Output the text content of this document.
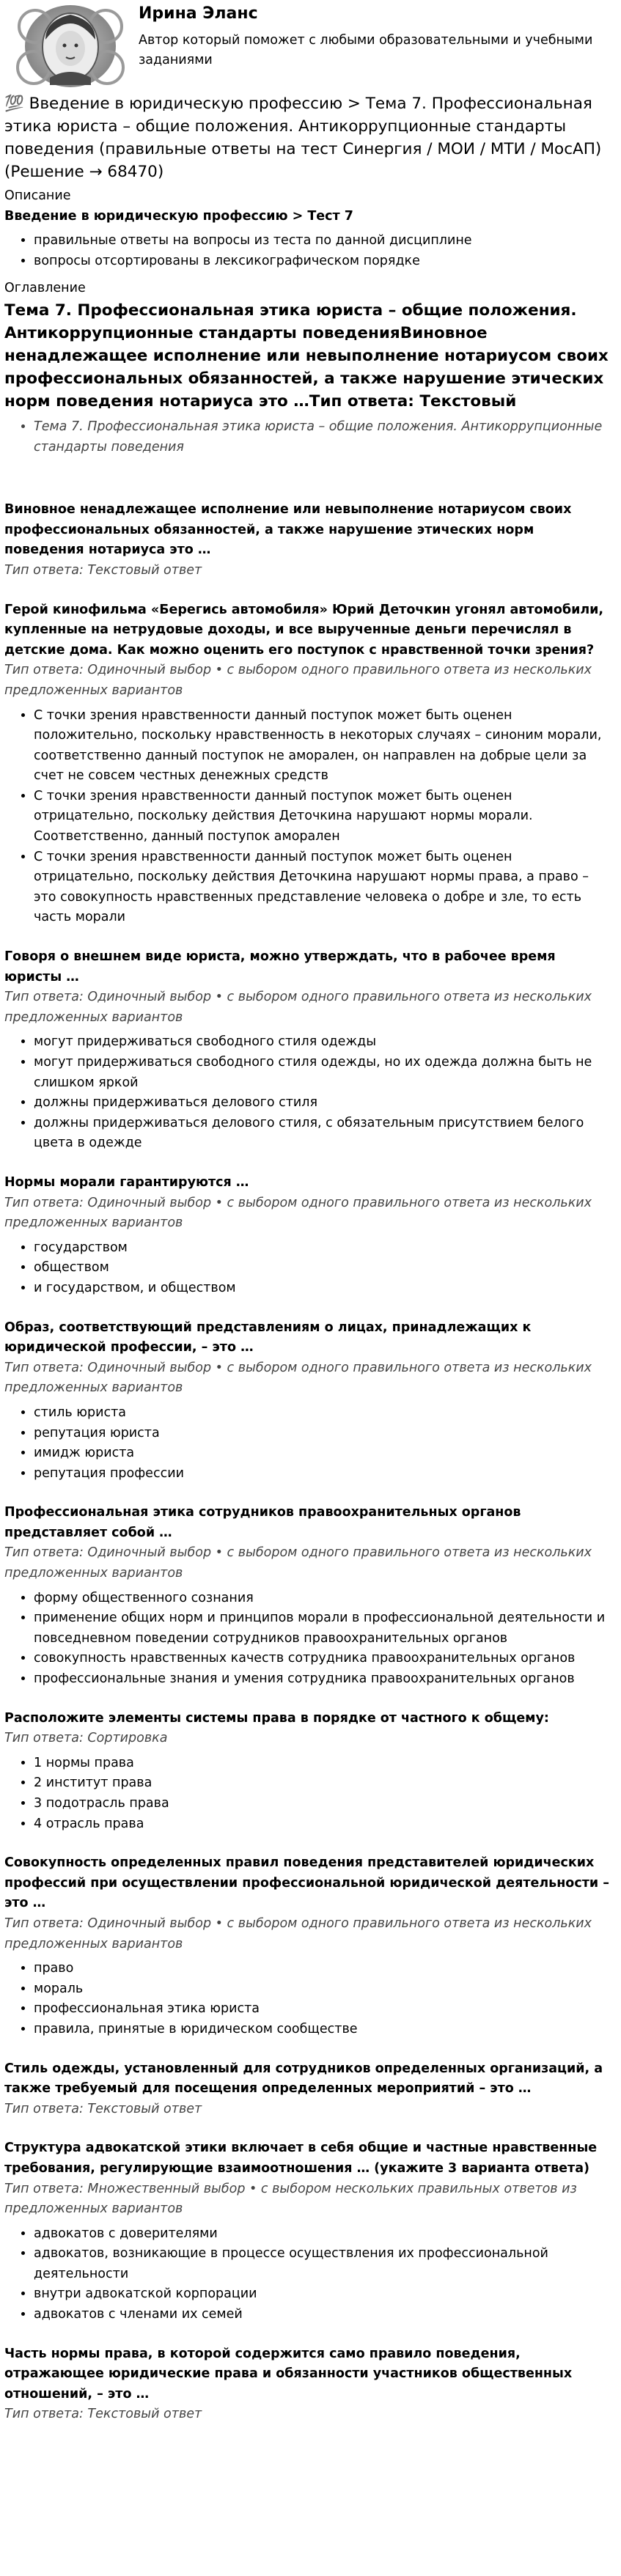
Ирина Эланс
Автор который поможет с любыми образовательными и учебными заданиями
💯 Введение в юридическую профессию > Тема 7. Профессиональная этика юриста – общие положения. Антикоррупционные стандарты поведения (правильные ответы на тест Синергия / МОИ / МТИ / МосАП) (Решение → 68470)
Описание
Введение в юридическую профессию > Тест 7
• правильные ответы на вопросы из теста по данной дисциплине
• вопросы отсортированы в лексикографическом порядке
Оглавление
Тема 7. Профессиональная этика юриста – общие положения. Антикоррупционные стандарты поведенияВиновное ненадлежащее исполнение или невыполнение нотариусом своих профессиональных обязанностей, а также нарушение этических норм поведения нотариуса это …Тип ответа: Текстовый
• Тема 7. Профессиональная этика юриста – общие положения. Антикоррупционные стандарты поведения
Виновное ненадлежащее исполнение или невыполнение нотариусом своих профессиональных обязанностей, а также нарушение этических норм поведения нотариуса это …
Тип ответа: Текстовый ответ
Герой кинофильма «Берегись автомобиля» Юрий Деточкин угонял автомобили, купленные на нетрудовые доходы, и все вырученные деньги перечислял в детские дома. Как можно оценить его поступок с нравственной точки зрения?
Тип ответа: Одиночный выбор • с выбором одного правильного ответа из нескольких предложенных вариантов
• С точки зрения нравственности данный поступок может быть оценен положительно, поскольку нравственность в некоторых случаях – синоним морали, соответственно данный поступок не аморален, он направлен на добрые цели за счет не совсем честных денежных средств
• С точки зрения нравственности данный поступок может быть оценен отрицательно, поскольку действия Деточкина нарушают нормы морали. Соответственно, данный поступок аморален
• С точки зрения нравственности данный поступок может быть оценен отрицательно, поскольку действия Деточкина нарушают нормы права, а право – это совокупность нравственных представление человека о добре и зле, то есть часть морали
Говоря о внешнем виде юриста, можно утверждать, что в рабочее время юристы …
Тип ответа: Одиночный выбор • с выбором одного правильного ответа из нескольких предложенных вариантов
• могут придерживаться свободного стиля одежды
• могут придерживаться свободного стиля одежды, но их одежда должна быть не слишком яркой
• должны придерживаться делового стиля
• должны придерживаться делового стиля, с обязательным присутствием белого цвета в одежде
Нормы морали гарантируются …
Тип ответа: Одиночный выбор • с выбором одного правильного ответа из нескольких предложенных вариантов
• государством
• обществом
• и государством, и обществом
Образ, соответствующий представлениям о лицах, принадлежащих к юридической профессии, – это …
Тип ответа: Одиночный выбор • с выбором одного правильного ответа из нескольких предложенных вариантов
• стиль юриста
• репутация юриста
• имидж юриста
• репутация профессии
Профессиональная этика сотрудников правоохранительных органов представляет собой …
Тип ответа: Одиночный выбор • с выбором одного правильного ответа из нескольких предложенных вариантов
• форму общественного сознания
• применение общих норм и принципов морали в профессиональной деятельности и повседневном поведении сотрудников правоохранительных органов
• совокупность нравственных качеств сотрудника правоохранительных органов
• профессиональные знания и умения сотрудника правоохранительных органов
Расположите элементы системы права в порядке от частного к общему:
Тип ответа: Сортировка
• 1 нормы права
• 2 институт права
• 3 подотрасль права
• 4 отрасль права
Совокупность определенных правил поведения представителей юридических профессий при осуществлении профессиональной юридической деятельности – это …
Тип ответа: Одиночный выбор • с выбором одного правильного ответа из нескольких предложенных вариантов
• право
• мораль
• профессиональная этика юриста
• правила, принятые в юридическом сообществе
Стиль одежды, установленный для сотрудников определенных организаций, а также требуемый для посещения определенных мероприятий – это …
Тип ответа: Текстовый ответ
Структура адвокатской этики включает в себя общие и частные нравственные требования, регулирующие взаимоотношения … (укажите 3 варианта ответа)
Тип ответа: Множественный выбор • с выбором нескольких правильных ответов из предложенных вариантов
• адвокатов с доверителями
• адвокатов, возникающие в процессе осуществления их профессиональной деятельности
• внутри адвокатской корпорации
• адвокатов с членами их семей
Часть нормы права, в которой содержится само правило поведения, отражающее юридические права и обязанности участников общественных отношений, – это …
Тип ответа: Текстовый ответ
